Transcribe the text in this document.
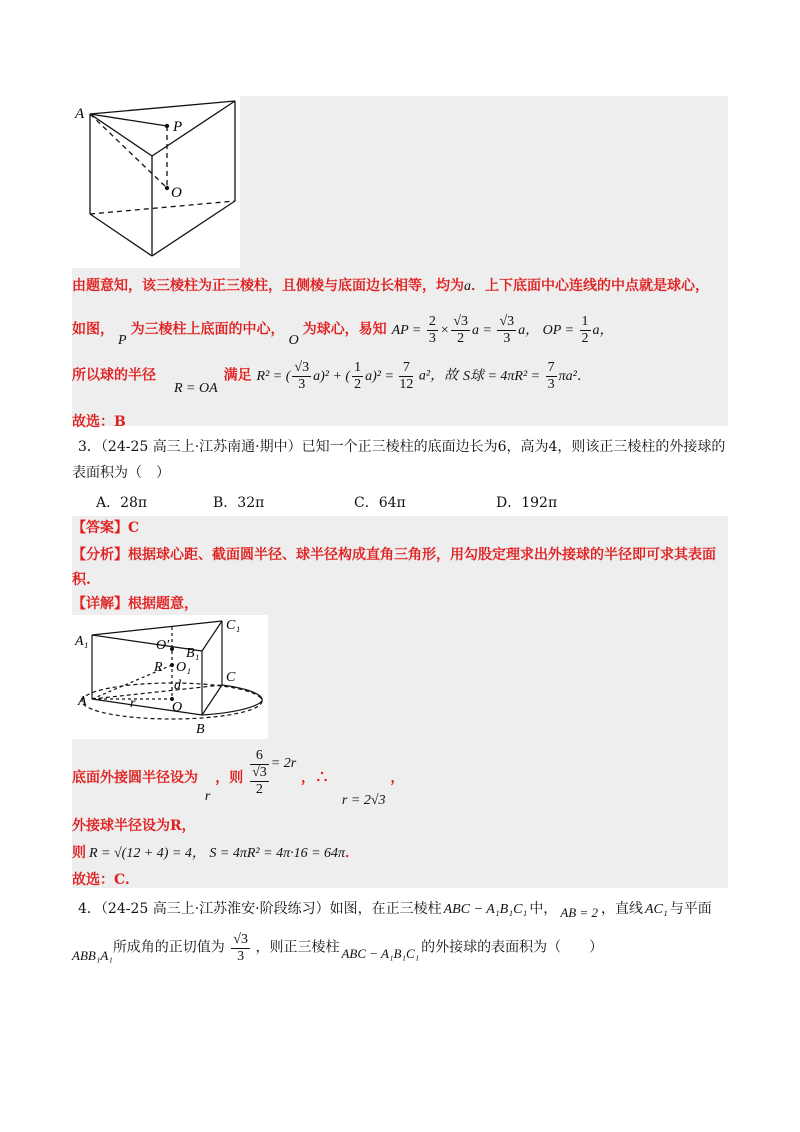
A
P
O
由题意知，该三棱柱为正三棱柱，且侧棱与底面边长相等，均为a．上下底面中心连线的中点就是球心，
如图，P为三棱柱上底面的中心，O为球心，易知 AP = $\frac{2}{3} \times \frac{√3}{2}$ $a = \frac{√3}{3}$ a， OP = $\frac{1}{2}$ a，
所以球的半径R = OA满足 R² = ( $\frac{√3}{3} a)^2$ + ( $\frac{1}{2} a)^2 = \frac{7}{12} a^2$，故 S球 = $4\pi R^2 = \frac{7}{3} \pi a^2$．
故选：B
3．（24-25 高三上·江苏南通·期中）已知一个正三棱柱的底面边长为6，高为4，则该正三棱柱的外接球的
表面积为（　）
A．28π	B．32π	C．64π	D．192π
【答案】C
【分析】根据球心距、截面圆半径、球半径构成直角三角形，用勾股定理求出外接球的半径即可求其表面
积.
【详解】根据题意，
A₁
C₁
O′
B₁
R O₁
C
d
A	r	O
B
底面外接圆半径设为 r ，则 $\frac{6}{\frac{√3}{2}} = 2r$ ，∴ r = 2√3 ，
外接球半径设为R，
则 R = √(12 + 4) = 4， S = 4πR² = 4π·16 = 64π．
故选：C.
4．（24-25 高三上·江苏淮安·阶段练习）如图，在正三棱柱 ABC − A₁B₁C₁ 中， AB = 2 ，直线 AC₁ 与平面
ABB₁A₁所成角的正切值为 $\frac{√3}{3}$ ，则正三棱柱 ABC − A₁B₁C₁ 的外接球的表面积为（　　）
